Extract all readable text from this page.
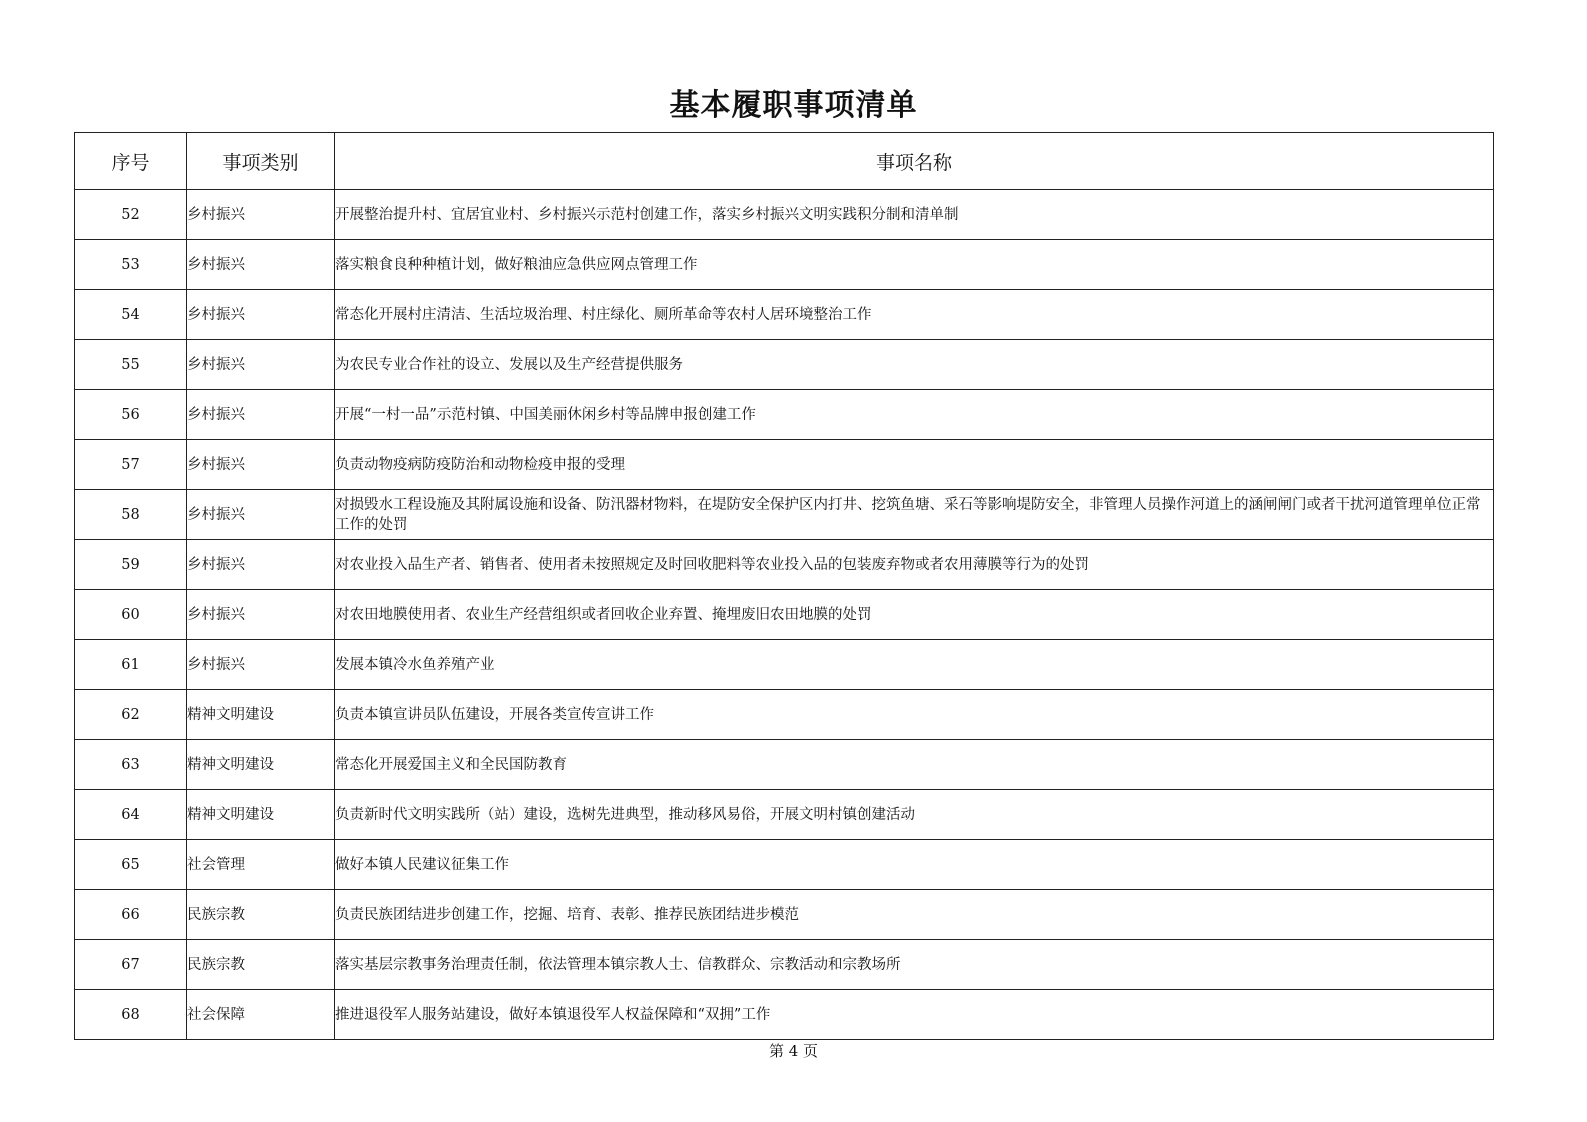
基本履职事项清单
序号	事项类别	事项名称
52	乡村振兴	开展整治提升村、宜居宜业村、乡村振兴示范村创建工作，落实乡村振兴文明实践积分制和清单制
53	乡村振兴	落实粮食良种种植计划，做好粮油应急供应网点管理工作
54	乡村振兴	常态化开展村庄清洁、生活垃圾治理、村庄绿化、厕所革命等农村人居环境整治工作
55	乡村振兴	为农民专业合作社的设立、发展以及生产经营提供服务
56	乡村振兴	开展“一村一品”示范村镇、中国美丽休闲乡村等品牌申报创建工作
57	乡村振兴	负责动物疫病防疫防治和动物检疫申报的受理
58	乡村振兴	对损毁水工程设施及其附属设施和设备、防汛器材物料，在堤防安全保护区内打井、挖筑鱼塘、采石等影响堤防安全，非管理人员操作河道上的涵闸闸门或者干扰河道管理单位正常工作的处罚
59	乡村振兴	对农业投入品生产者、销售者、使用者未按照规定及时回收肥料等农业投入品的包装废弃物或者农用薄膜等行为的处罚
60	乡村振兴	对农田地膜使用者、农业生产经营组织或者回收企业弃置、掩埋废旧农田地膜的处罚
61	乡村振兴	发展本镇冷水鱼养殖产业
62	精神文明建设	负责本镇宣讲员队伍建设，开展各类宣传宣讲工作
63	精神文明建设	常态化开展爱国主义和全民国防教育
64	精神文明建设	负责新时代文明实践所（站）建设，选树先进典型，推动移风易俗，开展文明村镇创建活动
65	社会管理	做好本镇人民建议征集工作
66	民族宗教	负责民族团结进步创建工作，挖掘、培育、表彰、推荐民族团结进步模范
67	民族宗教	落实基层宗教事务治理责任制，依法管理本镇宗教人士、信教群众、宗教活动和宗教场所
68	社会保障	推进退役军人服务站建设，做好本镇退役军人权益保障和“双拥”工作
第 4 页
